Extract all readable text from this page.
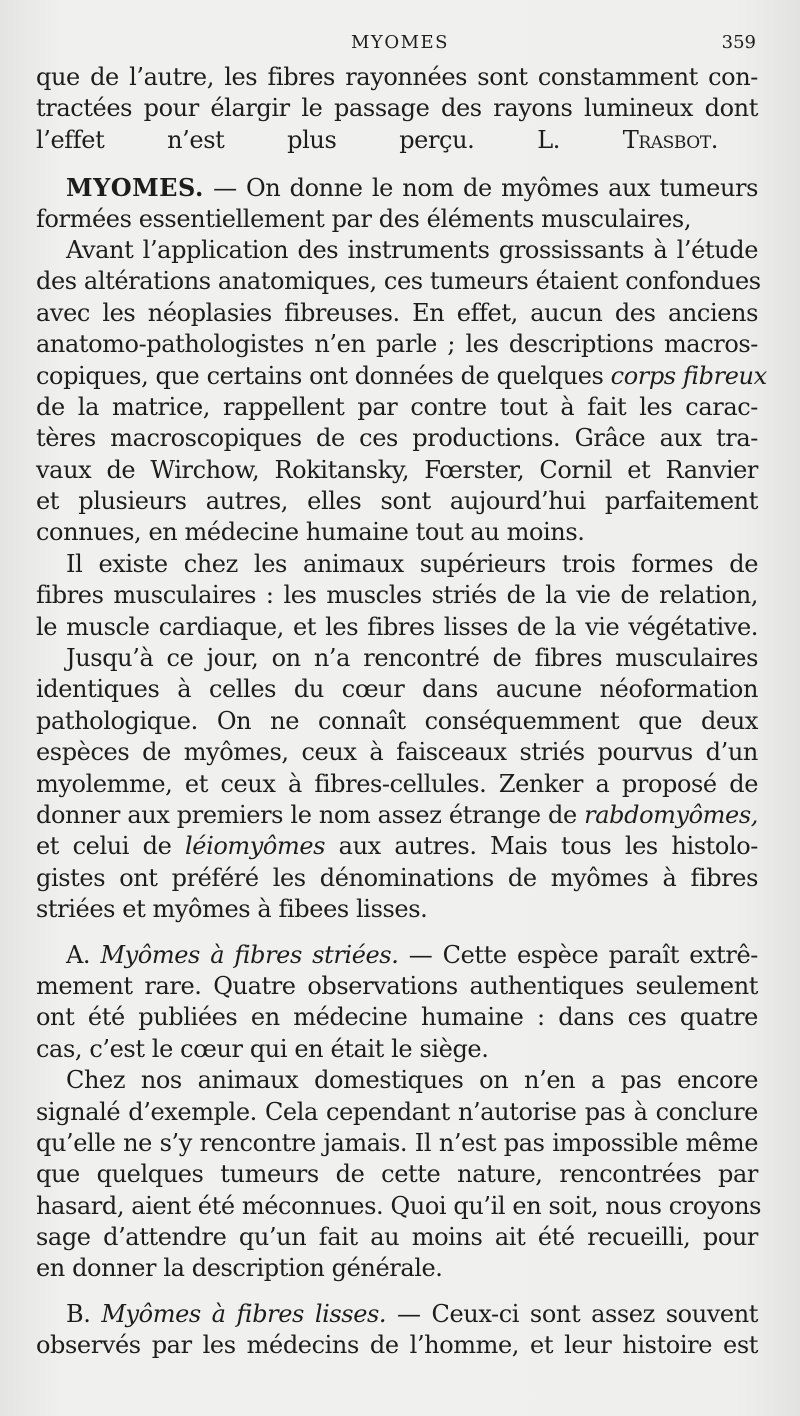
MYOMES	359
que de l’autre, les fibres rayonnées sont constamment con-
tractées pour élargir le passage des rayons lumineux dont
l’effet n’est plus perçu.	L. Trasbot.
MYOMES. — On donne le nom de myômes aux tumeurs
formées essentiellement par des éléments musculaires,
Avant l’application des instruments grossissants à l’étude
des altérations anatomiques, ces tumeurs étaient confondues
avec les néoplasies fibreuses. En effet, aucun des anciens
anatomo-pathologistes n’en parle ; les descriptions macros-
copiques, que certains ont données de quelques corps fibreux
de la matrice, rappellent par contre tout à fait les carac-
tères macroscopiques de ces productions. Grâce aux tra-
vaux de Wirchow, Rokitansky, Fœrster, Cornil et Ranvier
et plusieurs autres, elles sont aujourd’hui parfaitement
connues, en médecine humaine tout au moins.
Il existe chez les animaux supérieurs trois formes de
fibres musculaires : les muscles striés de la vie de relation,
le muscle cardiaque, et les fibres lisses de la vie végétative.
Jusqu’à ce jour, on n’a rencontré de fibres musculaires
identiques à celles du cœur dans aucune néoformation
pathologique. On ne connaît conséquemment que deux
espèces de myômes, ceux à faisceaux striés pourvus d’un
myolemme, et ceux à fibres-cellules. Zenker a proposé de
donner aux premiers le nom assez étrange de rabdomyômes,
et celui de léiomyômes aux autres. Mais tous les histolo-
gistes ont préféré les dénominations de myômes à fibres
striées et myômes à fibees lisses.
A. Myômes à fibres striées. — Cette espèce paraît extrê-
mement rare. Quatre observations authentiques seulement
ont été publiées en médecine humaine : dans ces quatre
cas, c’est le cœur qui en était le siège.
Chez nos animaux domestiques on n’en a pas encore
signalé d’exemple. Cela cependant n’autorise pas à conclure
qu’elle ne s’y rencontre jamais. Il n’est pas impossible même
que quelques tumeurs de cette nature, rencontrées par
hasard, aient été méconnues. Quoi qu’il en soit, nous croyons
sage d’attendre qu’un fait au moins ait été recueilli, pour
en donner la description générale.
B. Myômes à fibres lisses. — Ceux-ci sont assez souvent
observés par les médecins de l’homme, et leur histoire est
